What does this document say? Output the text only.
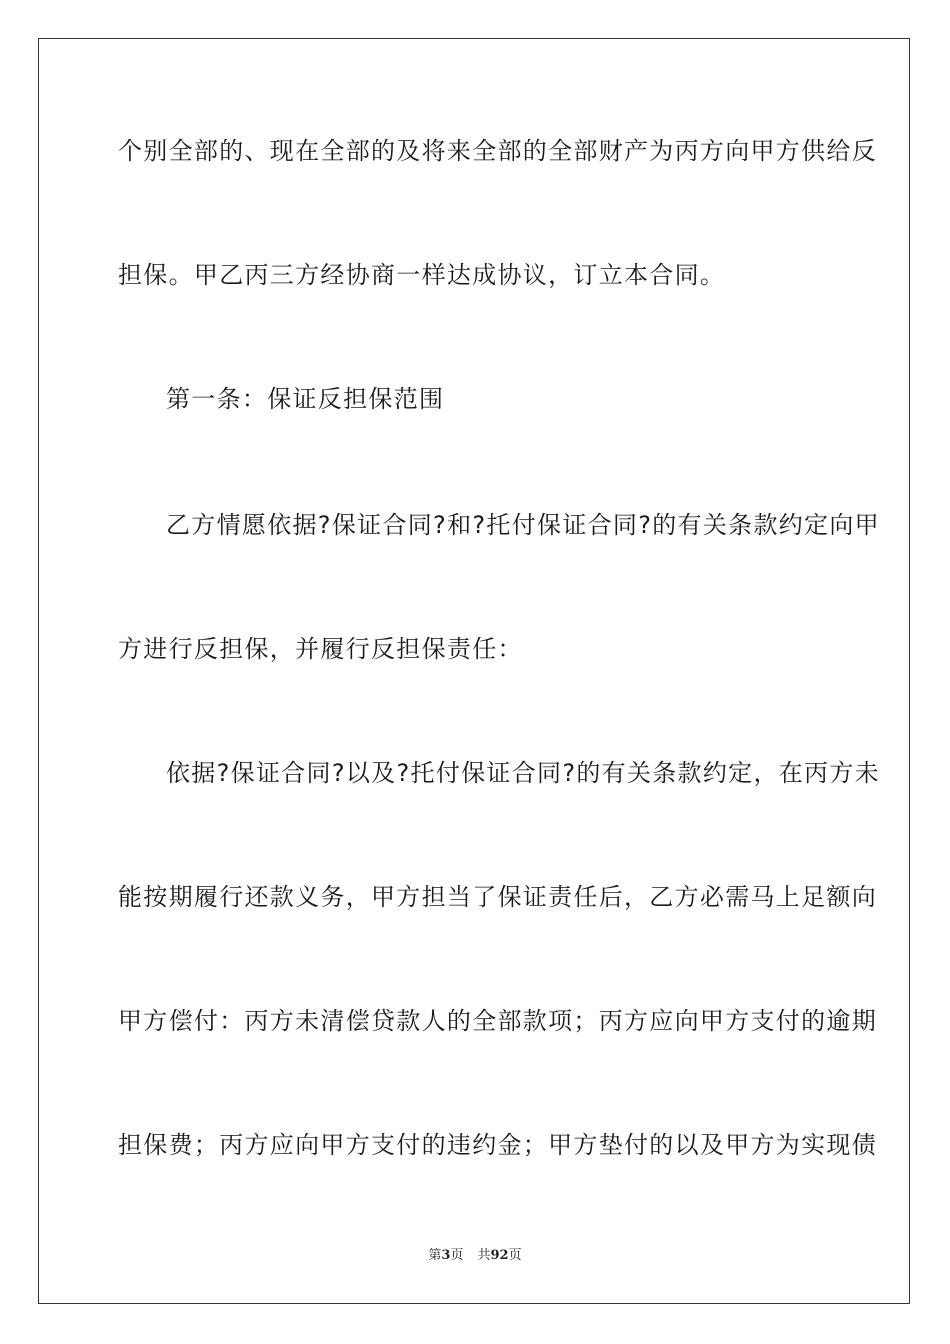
个别全部的、现在全部的及将来全部的全部财产为丙方向甲方供给反
担保。甲乙丙三方经协商一样达成协议，订立本合同。
第一条：保证反担保范围
乙方情愿依据?保证合同?和?托付保证合同?的有关条款约定向甲
方进行反担保，并履行反担保责任：
依据?保证合同?以及?托付保证合同?的有关条款约定，在丙方未
能按期履行还款义务，甲方担当了保证责任后，乙方必需马上足额向
甲方偿付：丙方未清偿贷款人的全部款项；丙方应向甲方支付的逾期
担保费；丙方应向甲方支付的违约金；甲方垫付的以及甲方为实现债
第3页 共92页
